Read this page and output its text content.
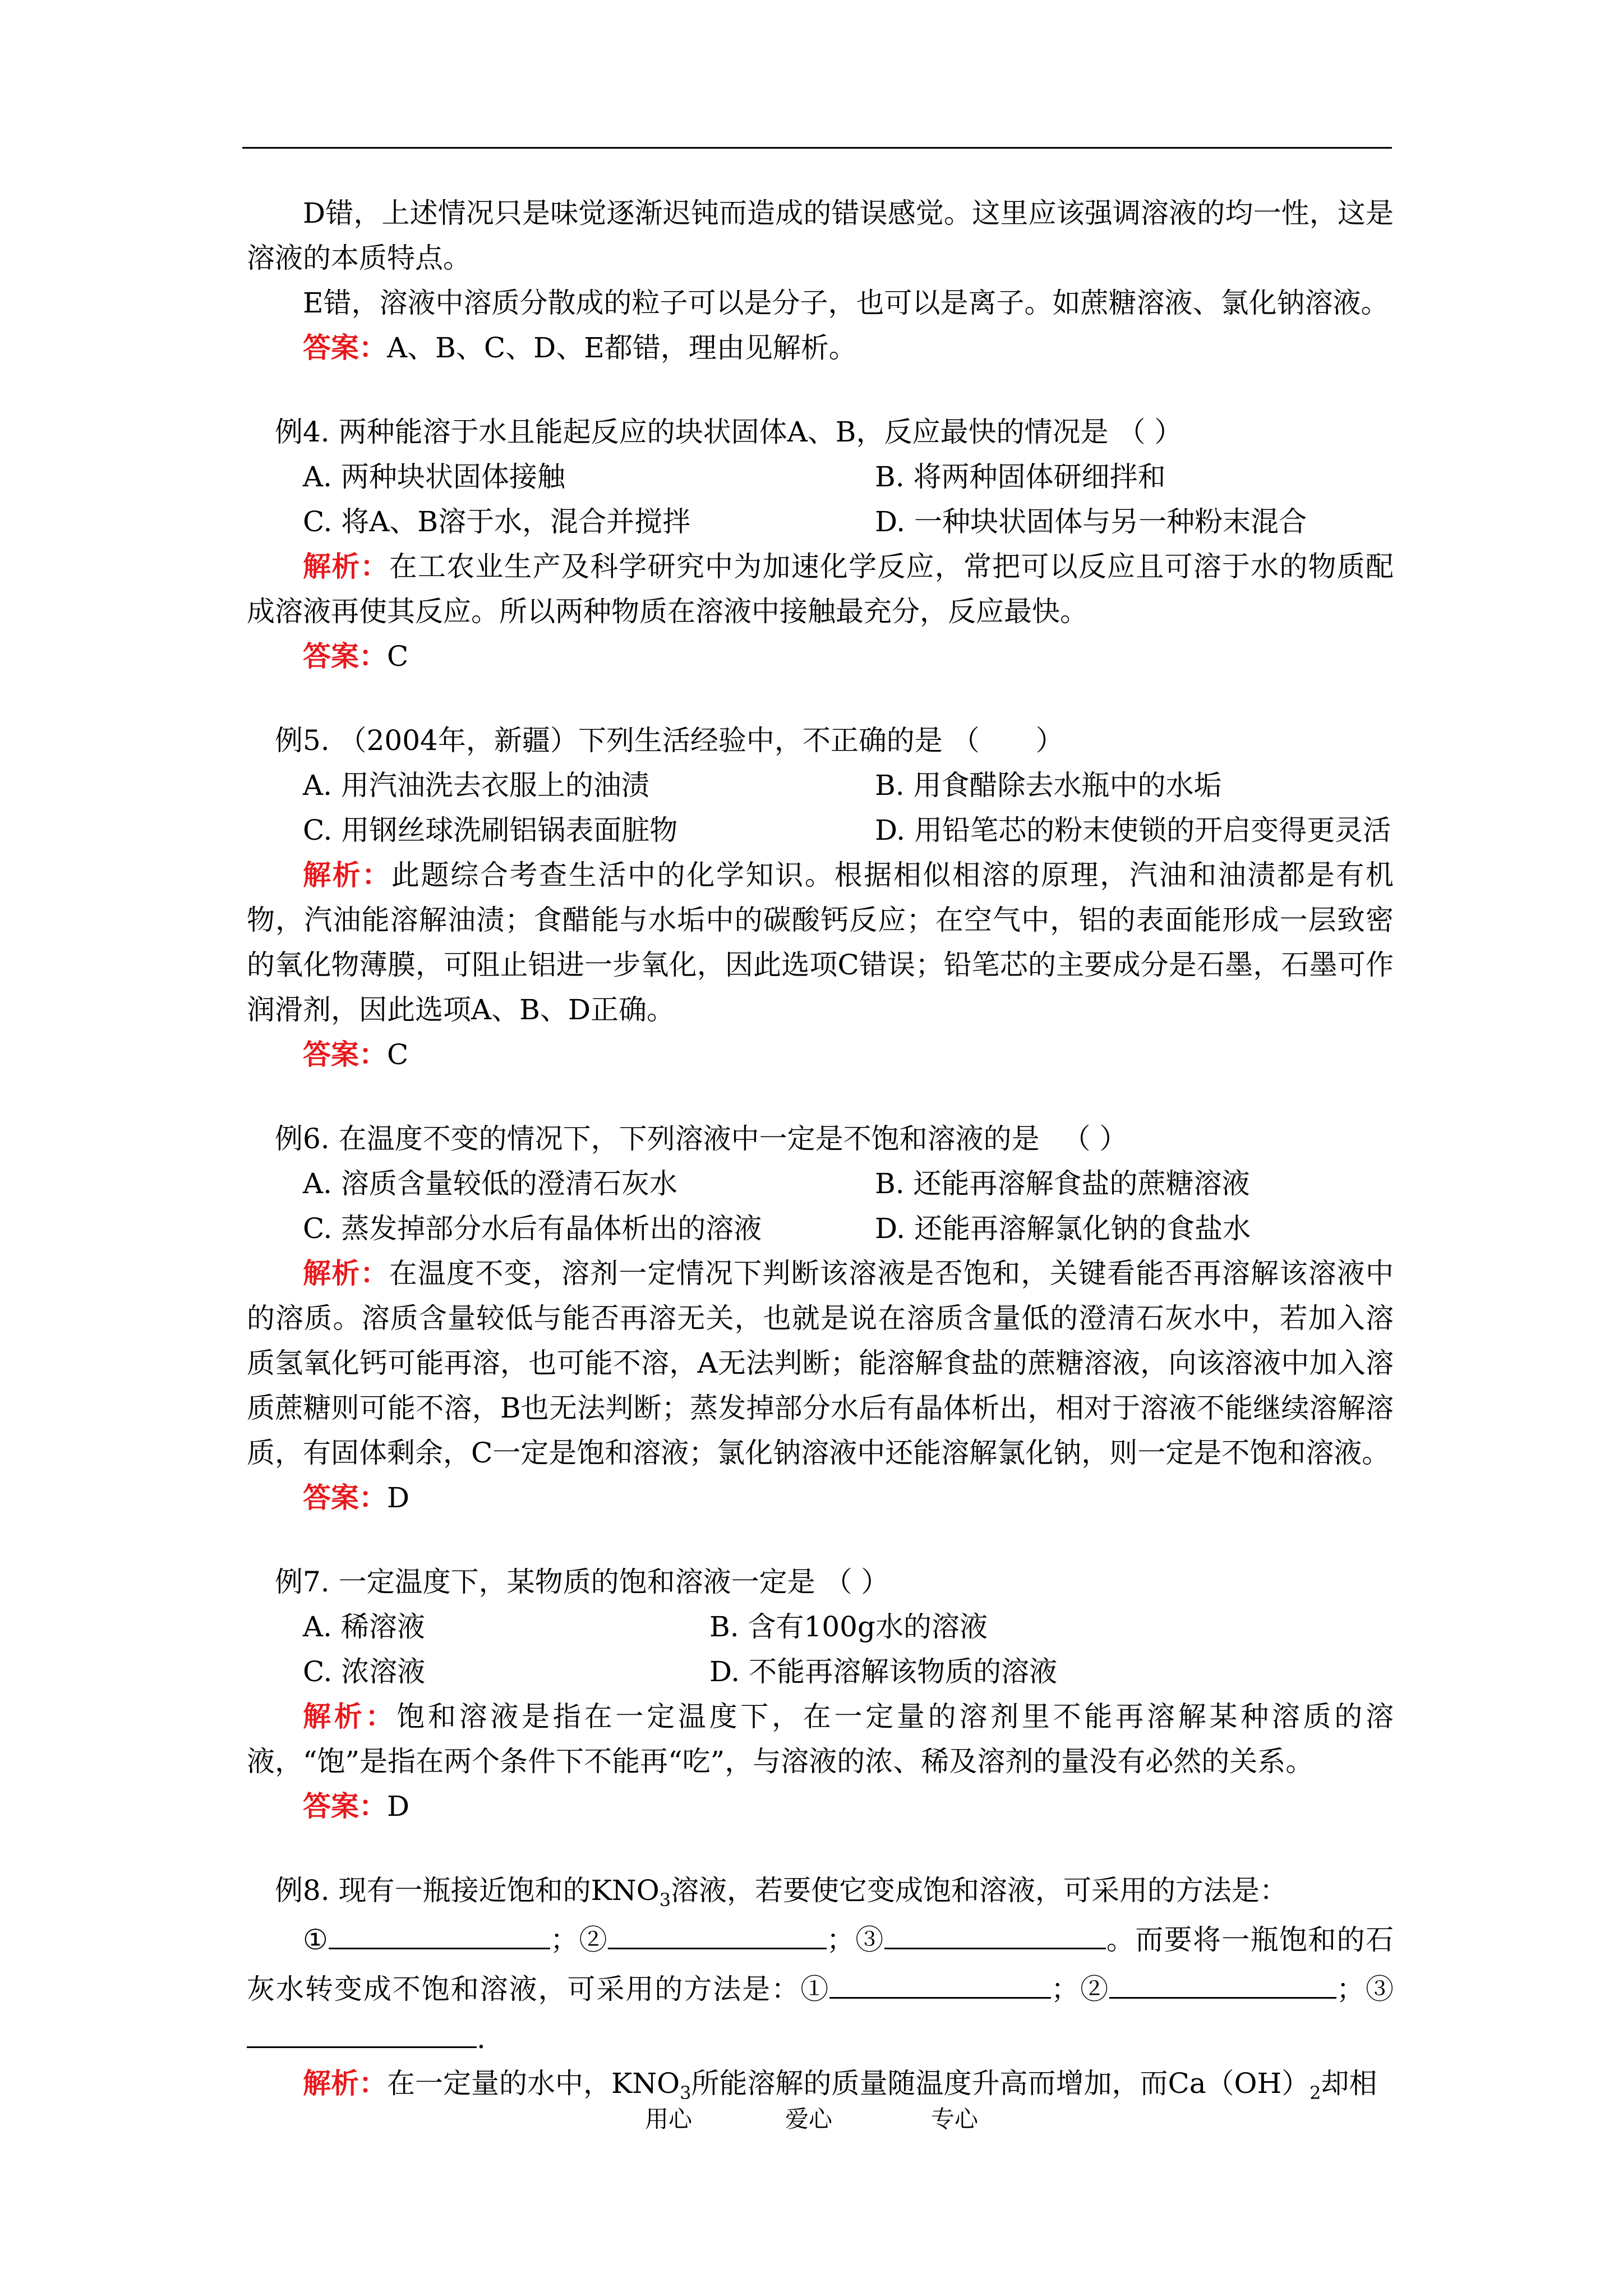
D错，上述情况只是味觉逐渐迟钝而造成的错误感觉。这里应该强调溶液的均一性，这是溶液的本质特点。

E错，溶液中溶质分散成的粒子可以是分子，也可以是离子。如蔗糖溶液、氯化钠溶液。

答案：A、B、C、D、E都错，理由见解析。

例4. 两种能溶于水且能起反应的块状固体A、B，反应最快的情况是 （ ）

A. 两种块状固体接触	B. 将两种固体研细拌和
C. 将A、B溶于水，混合并搅拌	D. 一种块状固体与另一种粉末混合

解析：在工农业生产及科学研究中为加速化学反应，常把可以反应且可溶于水的物质配成溶液再使其反应。所以两种物质在溶液中接触最充分，反应最快。

答案：C

例5. （2004年，新疆）下列生活经验中，不正确的是 （　　）

A. 用汽油洗去衣服上的油渍	B. 用食醋除去水瓶中的水垢
C. 用钢丝球洗刷铝锅表面脏物	D. 用铅笔芯的粉末使锁的开启变得更灵活

解析：此题综合考查生活中的化学知识。根据相似相溶的原理，汽油和油渍都是有机物，汽油能溶解油渍；食醋能与水垢中的碳酸钙反应；在空气中，铝的表面能形成一层致密的氧化物薄膜，可阻止铝进一步氧化，因此选项C错误；铅笔芯的主要成分是石墨，石墨可作润滑剂，因此选项A、B、D正确。

答案：C

例6. 在温度不变的情况下，下列溶液中一定是不饱和溶液的是 　（ ）

A. 溶质含量较低的澄清石灰水	B. 还能再溶解食盐的蔗糖溶液
C. 蒸发掉部分水后有晶体析出的溶液	D. 还能再溶解氯化钠的食盐水

解析：在温度不变，溶剂一定情况下判断该溶液是否饱和，关键看能否再溶解该溶液中的溶质。溶质含量较低与能否再溶无关，也就是说在溶质含量低的澄清石灰水中，若加入溶质氢氧化钙可能再溶，也可能不溶，A无法判断；能溶解食盐的蔗糖溶液，向该溶液中加入溶质蔗糖则可能不溶，B也无法判断；蒸发掉部分水后有晶体析出，相对于溶液不能继续溶解溶质，有固体剩余，C一定是饱和溶液；氯化钠溶液中还能溶解氯化钠，则一定是不饱和溶液。

答案：D

例7. 一定温度下，某物质的饱和溶液一定是 （ ）

A. 稀溶液	B. 含有100g水的溶液
C. 浓溶液	D. 不能再溶解该物质的溶液

解析：饱和溶液是指在一定温度下，在一定量的溶剂里不能再溶解某种溶质的溶液，“饱”是指在两个条件下不能再“吃”，与溶液的浓、稀及溶剂的量没有必然的关系。

答案：D

例8. 现有一瓶接近饱和的$KNO_3$溶液，若要使它变成饱和溶液，可采用的方法是：

①	；②	；③	。而要将一瓶饱和的石灰水转变成不饱和溶液，可采用的方法是：①	；②	；③.

解析：在一定量的水中，$KNO_3$所能溶解的质量随温度升高而增加，而$Ca(OH)_2$却相

用心	爱心	专心
